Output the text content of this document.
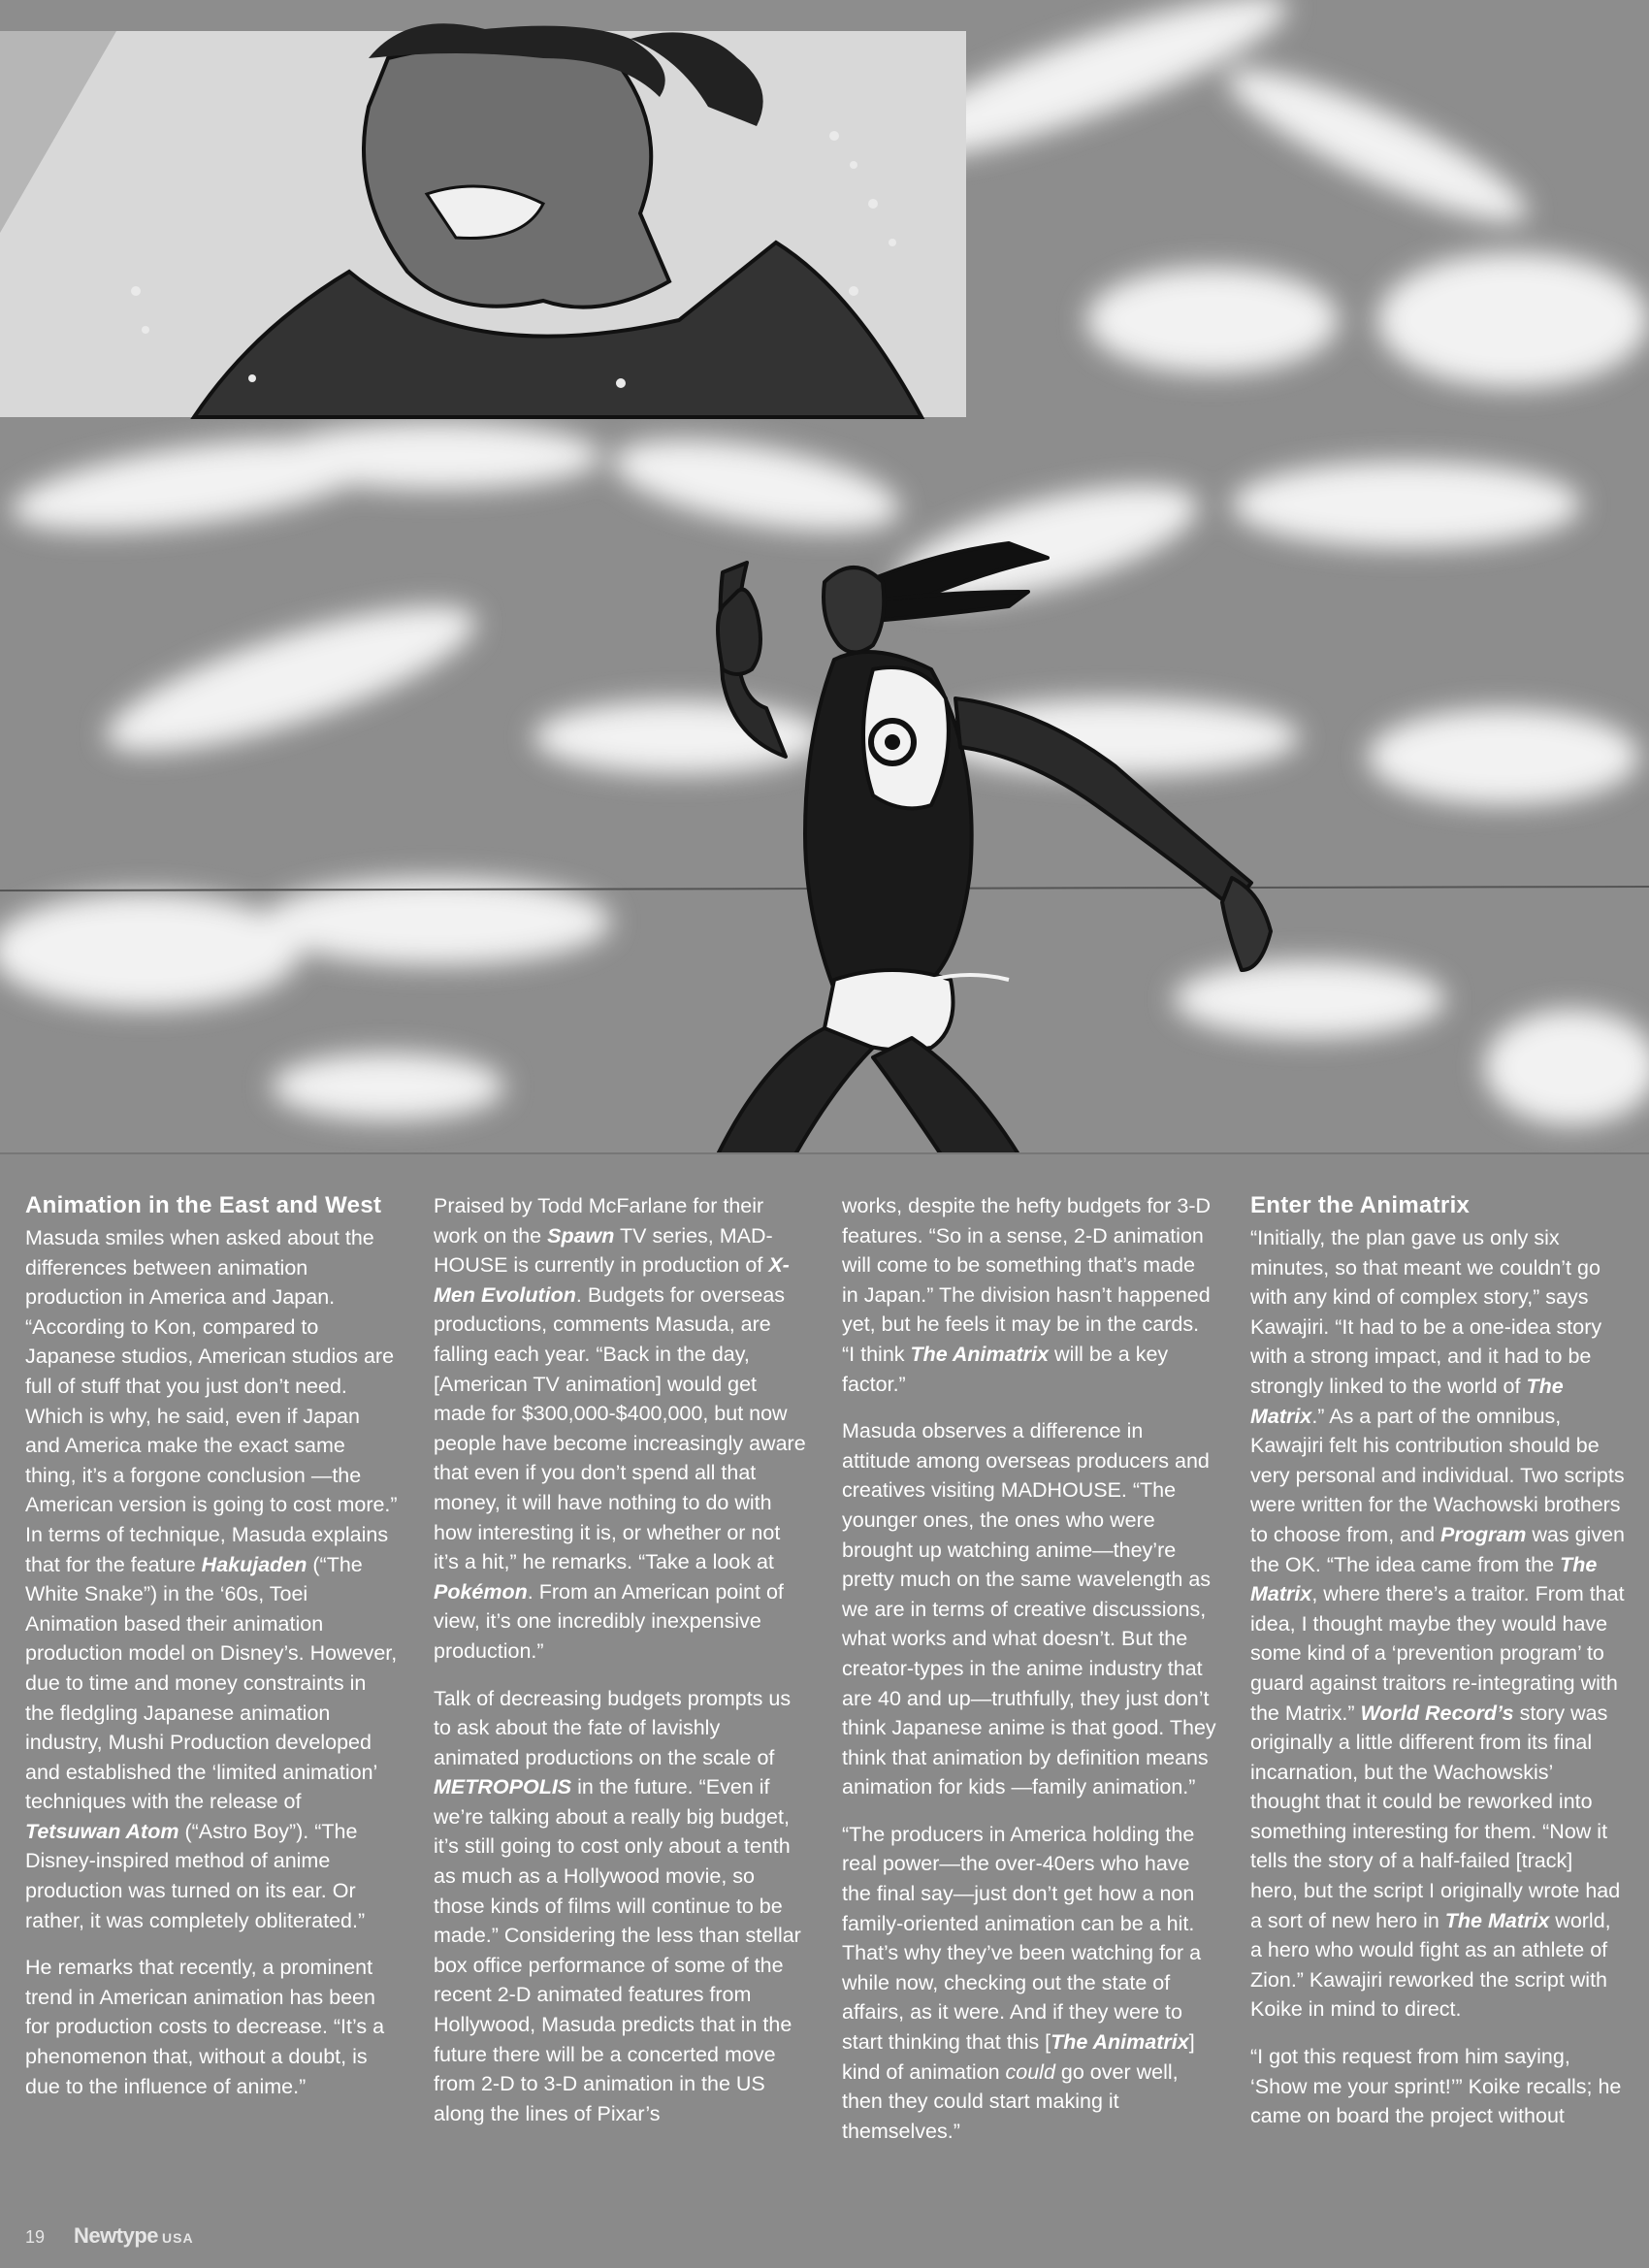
Animation in the East and West

Masuda smiles when asked about the differences between animation production in America and Japan. “According to Kon, compared to Japanese studios, American studios are full of stuff that you just don’t need. Which is why, he said, even if Japan and America make the exact same thing, it’s a forgone conclusion —the American version is going to cost more.” In terms of technique, Masuda explains that for the feature Hakujaden (“The White Snake”) in the ‘60s, Toei Animation based their animation production model on Disney’s. However, due to time and money constraints in the fledgling Japanese animation industry, Mushi Production developed and established the ‘limited animation’ techniques with the release of Tetsuwan Atom (“Astro Boy”). “The Disney-inspired method of anime production was turned on its ear. Or rather, it was completely obliterated.”

He remarks that recently, a prominent trend in American animation has been for production costs to decrease. “It’s a phenomenon that, without a doubt, is due to the influence of anime.”

Praised by Todd McFarlane for their work on the Spawn TV series, MAD-HOUSE is currently in production of X-Men Evolution. Budgets for overseas productions, comments Masuda, are falling each year. “Back in the day, [American TV animation] would get made for $300,000-$400,000, but now people have become increasingly aware that even if you don’t spend all that money, it will have nothing to do with how interesting it is, or whether or not it’s a hit,” he remarks. “Take a look at Pokémon. From an American point of view, it’s one incredibly inexpensive production.”

Talk of decreasing budgets prompts us to ask about the fate of lavishly animated productions on the scale of METROPOLIS in the future. “Even if we’re talking about a really big budget, it’s still going to cost only about a tenth as much as a Hollywood movie, so those kinds of films will continue to be made.” Considering the less than stellar box office performance of some of the recent 2-D animated features from Hollywood, Masuda predicts that in the future there will be a concerted move from 2-D to 3-D animation in the US along the lines of Pixar’s

works, despite the hefty budgets for 3-D features. “So in a sense, 2-D animation will come to be something that’s made in Japan.” The division hasn’t happened yet, but he feels it may be in the cards. “I think The Animatrix will be a key factor.”

Masuda observes a difference in attitude among overseas producers and creatives visiting MADHOUSE. “The younger ones, the ones who were brought up watching anime—they’re pretty much on the same wavelength as we are in terms of creative discussions, what works and what doesn’t. But the creator-types in the anime industry that are 40 and up—truthfully, they just don’t think Japanese anime is that good. They think that animation by definition means animation for kids —family animation.”

“The producers in America holding the real power—the over-40ers who have the final say—just don’t get how a non family-oriented animation can be a hit. That’s why they’ve been watching for a while now, checking out the state of affairs, as it were. And if they were to start thinking that this [The Animatrix] kind of animation could go over well, then they could start making it themselves.”

Enter the Animatrix

“Initially, the plan gave us only six minutes, so that meant we couldn’t go with any kind of complex story,” says Kawajiri. “It had to be a one-idea story with a strong impact, and it had to be strongly linked to the world of The Matrix.” As a part of the omnibus, Kawajiri felt his contribution should be very personal and individual. Two scripts were written for the Wachowski brothers to choose from, and Program was given the OK. “The idea came from the The Matrix, where there’s a traitor. From that idea, I thought maybe they would have some kind of a ‘prevention program’ to guard against traitors re-integrating with the Matrix.” World Record’s story was originally a little different from its final incarnation, but the Wachowskis’ thought that it could be reworked into something interesting for them. “Now it tells the story of a half-failed [track] hero, but the script I originally wrote had a sort of new hero in The Matrix world, a hero who would fight as an athlete of Zion.” Kawajiri reworked the script with Koike in mind to direct.

“I got this request from him saying, ‘Show me your sprint!’” Koike recalls; he came on board the project without

19 Newtype USA
